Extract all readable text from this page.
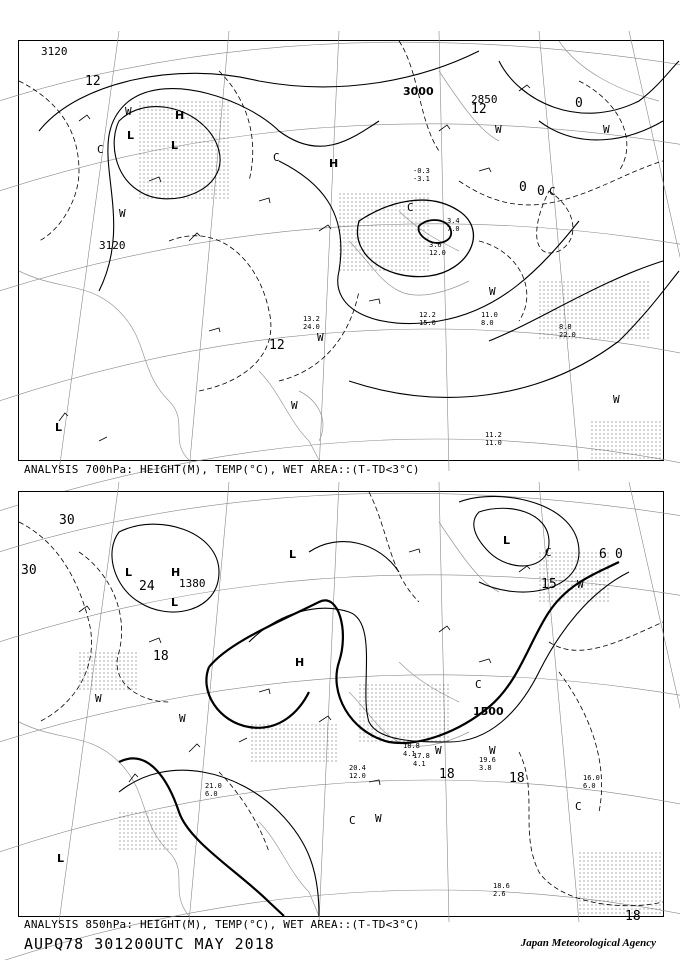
3120
3120
3000
2850
12
12
12
0
0 0
H
L
L
H
L
W
C
W	C
W
W
W
C
W
W
W
C
11.2
11.0
8.8
22.0
12.2
15.0
11.0
8.0
-0.3
-3.1
13.2
24.0
3.6
12.0
3.4
7.0
ANALYSIS 700hPa: HEIGHT(M), TEMP(°C), WET AREA::(T-TD<3°C)
1380
1500
30
30
24
18
15
18	18
18
0
6
L	H
L
L
H
L
L
W
W	W
C W
W
W
C
C
C
16.0
6.0
18.6
2.6
19.6
3.8
18.8
4.1
20.4
12.0
21.0
6.0
17.8
4.1
ANALYSIS 850hPa: HEIGHT(M), TEMP(°C), WET AREA::(T-TD<3°C)
AUPQ78 301200UTC MAY 2018	Japan Meteorological Agency
